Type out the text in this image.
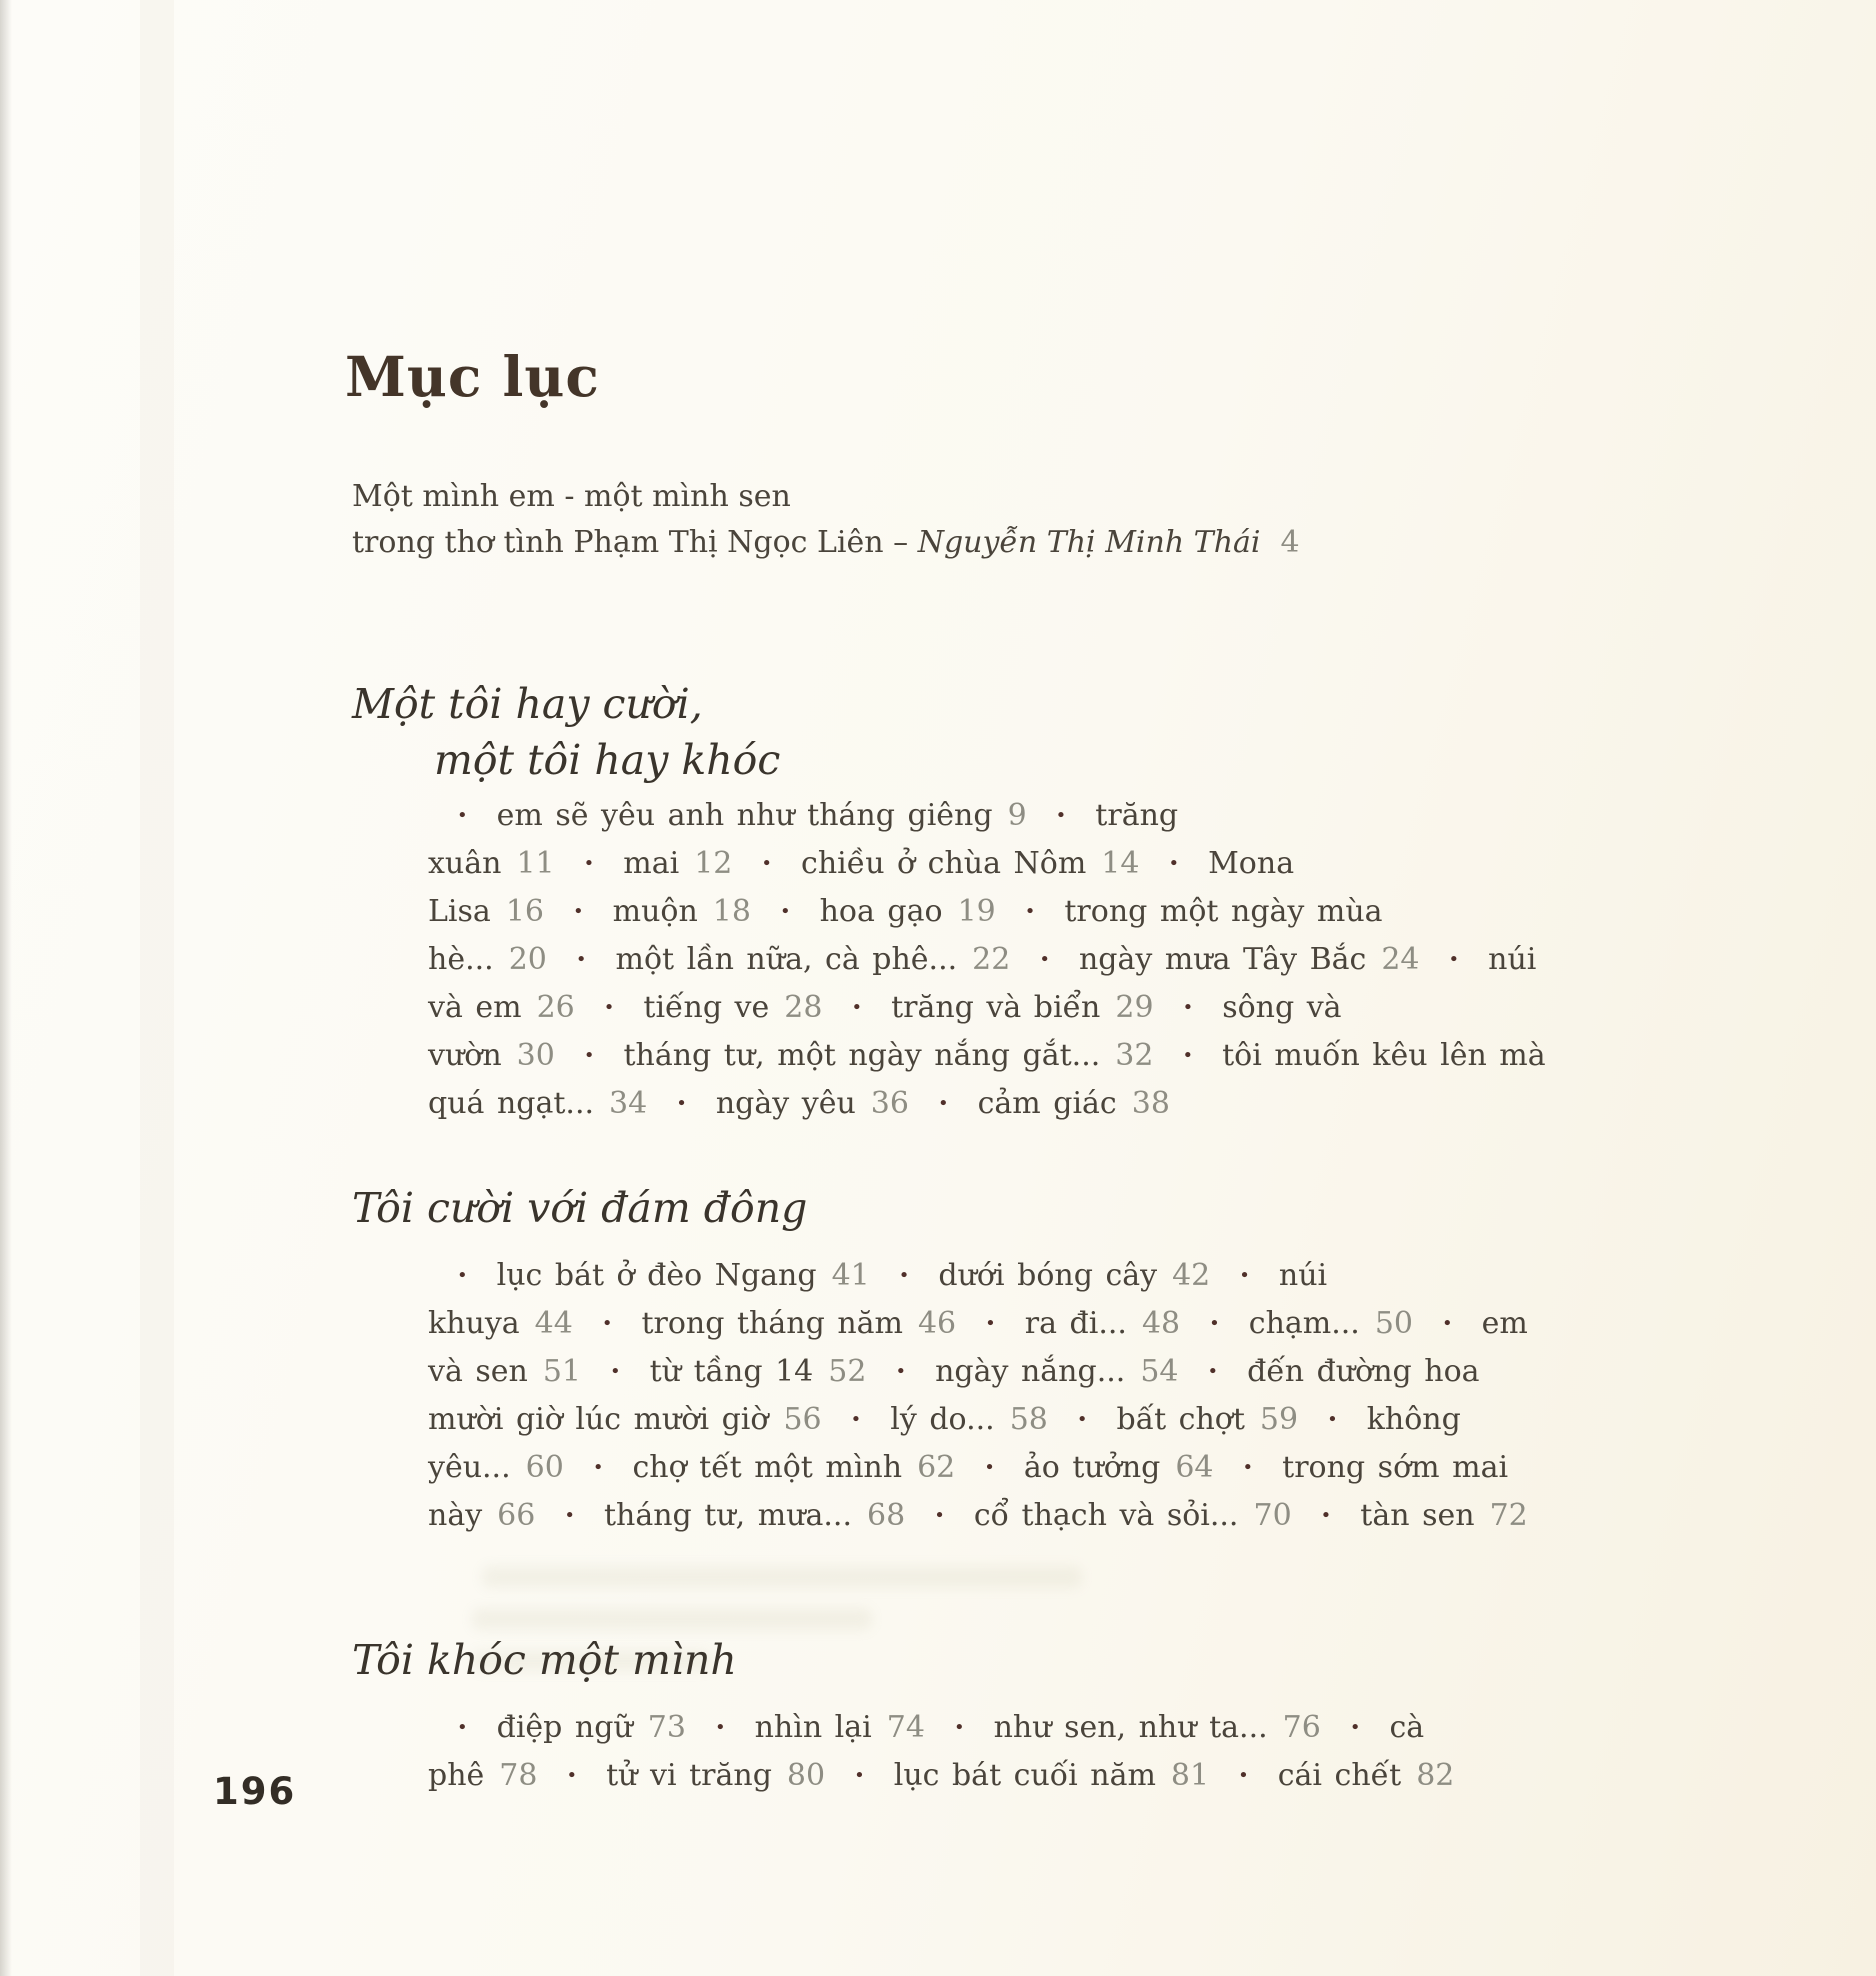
Mục lục
Một mình em - một mình sen
trong thơ tình Phạm Thị Ngọc Liên – Nguyễn Thị Minh Thái 4
Một tôi hay cười,
một tôi hay khóc

• em sẽ yêu anh như tháng giêng 9 • trăng xuân 11 • mai 12 • chiều ở chùa Nôm 14 • Mona Lisa 16 • muộn 18 • hoa gạo 19 • trong một ngày mùa hè... 20 • một lần nữa, cà phê... 22 • ngày mưa Tây Bắc 24 • núi và em 26 • tiếng ve 28 • trăng và biển 29 • sông và vườn 30 • tháng tư, một ngày nắng gắt... 32 • tôi muốn kêu lên mà quá ngạt... 34 • ngày yêu 36 • cảm giác 38

Tôi cười với đám đông

• lục bát ở đèo Ngang 41 • dưới bóng cây 42 • núi khuya 44 • trong tháng năm 46 • ra đi... 48 • chạm... 50 • em và sen 51 • từ tầng 14 52 • ngày nắng... 54 • đến đường hoa mười giờ lúc mười giờ 56 • lý do... 58 • bất chợt 59 • không yêu... 60 • chợ tết một mình 62 • ảo tưởng 64 • trong sớm mai này 66 • tháng tư, mưa... 68 • cổ thạch và sỏi... 70 • tàn sen 72

Tôi khóc một mình

• điệp ngữ 73 • nhìn lại 74 • như sen, như ta... 76 • cà phê 78 • tử vi trăng 80 • lục bát cuối năm 81 • cái chết 82

196
